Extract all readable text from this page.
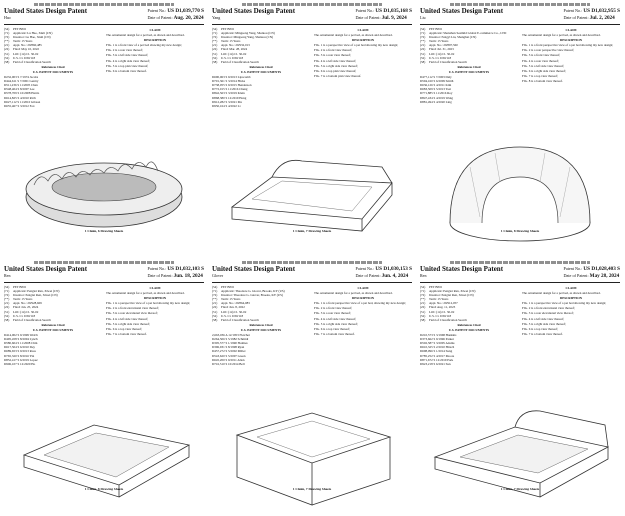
United States Design Patent
Hao
Patent No.: US D1,039,770 S
Date of Patent: Aug. 20, 2024
(54)	PET BED
(71)	Applicant: Lu Hao, Xiuli (CN)
(72)	Inventor: Lu Hao, Xiuli (CN)
(**)	Term: 15 Years
(21)	Appl. No.: 29/860,485
(22)	Filed: May 10, 2022
(51)	LOC (14) Cl. 30-02
(52)	U.S. Cl. D30/118
(58)	Field of Classification Search
References Cited
U.S. PATENT DOCUMENTS
D232,003 S 7/1974 Jacobs
D444,611 S 7/2001 Gentry
D511,236 S 11/2005 Chen
D548,404 S 8/2007 Lee
D578,709 S 10/2008 Harris
D614,825 S 4/2010 Rich
D627,112 S 11/2010 Gibson
D655,467 S 3/2012 Fox
CLAIM

The ornamental design for a pet bed, as shown and described.

DESCRIPTION

FIG. 1 is a front view of a pet bed showing my new design;

FIG. 2 is a rear view thereof;

FIG. 3 is a left side view thereof;

FIG. 4 is a right side view thereof;

FIG. 5 is a top plan view thereof;

FIG. 6 is a bottom view thereof.

1 Claim, 6 Drawing Sheets
United States Design Patent
Yang
Patent No.: US D1,035,168 S
Date of Patent: Jul. 9, 2024
(54)	PET BED
(71)	Applicant: Mingsong Yang, Shantou (CN)
(72)	Inventor: Mingsong Yang, Shantou (CN)
(**)	Term: 15 Years
(21)	Appl. No.: 29/932,013
(22)	Filed: Mar. 28, 2024
(51)	LOC (14) Cl. 30-02
(52)	U.S. Cl. D30/118
(58)	Field of Classification Search
References Cited
U.S. PATENT DOCUMENTS
D690,063 S 9/2013 Lipscomb
D701,361 S 3/2014 Hicks
D738,055 S 9/2015 Henderson
D772,015 S 11/2016 Cheng
D842,563 S 3/2019 Klein
D868,380 S 12/2019 Hong
D912,282 S 3/2021 Ma
D950,164 S 4/2022 Li
CLAIM

The ornamental design for a pet bed, as shown and described.

DESCRIPTION

FIG. 1 is a perspective view of a pet bed showing my new design;

FIG. 2 is a front view thereof;

FIG. 3 is a rear view thereof;

FIG. 4 is a left side view thereof;

FIG. 5 is a right side view thereof;

FIG. 6 is a top plan view thereof;

FIG. 7 is a bottom plan view thereof.

1 Claim, 7 Drawing Sheets
United States Design Patent
Liu
Patent No.: US D1,032,955 S
Date of Patent: Jul. 2, 2024
(54)	PET BED
(71)	Applicant: Shenzhen Seamild Global E-commerce Co., LTD
(72)	Inventor: Fengyi Liu, Shanghai (CN)
(**)	Term: 15 Years
(21)	Appl. No.: 29/897,560
(22)	Filed: Jul. 31, 2023
(51)	LOC (14) Cl. 30-02
(52)	U.S. Cl. D30/118
(58)	Field of Classification Search
References Cited
U.S. PATENT DOCUMENTS
D477,112 S 7/2003 Daly
D594,160 S 6/2009 Smith
D636,126 S 4/2011 Kim
D683,509 S 5/2013 Tsai
D771,885 S 11/2016 Roy
D847,434 S 4/2019 Wang
D881,494 S 4/2020 Ling
CLAIM

The ornamental design for a pet bed, as shown and described.

DESCRIPTION

FIG. 1 is a front perspective view of a pet bed showing my new design;

FIG. 2 is a rear perspective view thereof;

FIG. 3 is a front view thereof;

FIG. 4 is a rear view thereof;

FIG. 5 is a left side view thereof;

FIG. 6 is a right side view thereof;

FIG. 7 is a top view thereof;

FIG. 8 is a bottom view thereof.

1 Claim, 8 Drawing Sheets
United States Design Patent
Ren
Patent No.: US D1,032,103 S
Date of Patent: Jun. 18, 2024
(54)	PET BED
(71)	Applicant: Penglei Ren, Xiwei (CN)
(72)	Inventor: Penglei Ren, Xiwei (CN)
(**)	Term: 15 Years
(21)	Appl. No.: 29/928,609
(22)	Filed: Jan. 25, 2024
(51)	LOC (14) Cl. 30-02
(52)	U.S. Cl. D30/118
(58)	Field of Classification Search
References Cited
U.S. PATENT DOCUMENTS
D414,002 S 9/1999 Welch
D495,458 S 8/2004 Lynch
D580,604 S 11/2008 Chin
D617,504 S 6/2010 Dey
D689,653 S 9/2013 Ross
D765,320 S 8/2016 Yin
D852,417 S 6/2019 Lopez
D906,107 S 12/2020 Ho
CLAIM

The ornamental design for a pet bed, as shown and described.

DESCRIPTION

FIG. 1 is a perspective view of a pet bed showing my new design;

FIG. 2 is a front elevational view thereof;

FIG. 3 is a rear elevational view thereof;

FIG. 4 is a left side view thereof;

FIG. 5 is a right side view thereof;

FIG. 6 is a top view thereof;

FIG. 7 is a bottom view thereof.

1 Claim, 8 Drawing Sheets
United States Design Patent
Glover
Patent No.: US D1,030,153 S
Date of Patent: Jun. 4, 2024
(54)	PET BED
(71)	Applicant: Theodore G. Glover, Brooks, KY (US)
(72)	Inventor: Theodore G. Glover, Brooks, KY (US)
(**)	Term: 15 Years
(21)	Appl. No.: 29/864,083
(22)	Filed: Jun. 8, 2022
(51)	LOC (14) Cl. 30-02
(52)	U.S. Cl. D30/118
(58)	Field of Classification Search
References Cited
U.S. PATENT DOCUMENTS
2,663,036 A 12/1953 Fletcher
D264,506 S 5/1982 Schmidt
D305,577 S 1/1990 Holmes
D396,931 S 8/1998 Ryan
D457,272 S 5/2002 Miller
D543,620 S 5/2007 Green
D645,200 S 9/2011 Allen
D716,510 S 10/2014 Bell
CLAIM

The ornamental design for a pet bed, as shown and described.

DESCRIPTION

FIG. 1 is a front perspective view of a pet bed, showing my new design;

FIG. 2 is a front view thereof;

FIG. 3 is a rear view thereof;

FIG. 4 is a left side view thereof;

FIG. 5 is a right side view thereof;

FIG. 6 is a top view thereof;

FIG. 7 is a bottom view thereof.

1 Claim, 7 Drawing Sheets
United States Design Patent
Ren
Patent No.: US D1,028,403 S
Date of Patent: May 28, 2024
(54)	PET BED
(71)	Applicant: Penglei Ren, Xiwei (CN)
(72)	Inventor: Penglei Ren, Xiwei (CN)
(**)	Term: 15 Years
(21)	Appl. No.: 29/912,057
(22)	Filed: Aug. 11, 2023
(51)	LOC (14) Cl. 30-02
(52)	U.S. Cl. D30/118
(58)	Field of Classification Search
References Cited
U.S. PATENT DOCUMENTS
D210,573 S 3/1968 Hankins
D373,662 S 9/1996 Parker
D502,587 S 3/2005 Adams
D610,325 S 2/2010 Hirsch
D698,096 S 1/2014 Sung
D785,252 S 4/2017 Moore
D871,672 S 12/2019 Park
D923,218 S 6/2021 Sun
CLAIM

The ornamental design for a pet bed, as shown and described.

DESCRIPTION

FIG. 1 is a perspective view of a pet bed showing my new design;

FIG. 2 is a front elevational view thereof;

FIG. 3 is a rear elevational view thereof;

FIG. 4 is a left side view thereof;

FIG. 5 is a right side view thereof;

FIG. 6 is a top view thereof;

FIG. 7 is a bottom view thereof.

1 Claim, 7 Drawing Sheets
